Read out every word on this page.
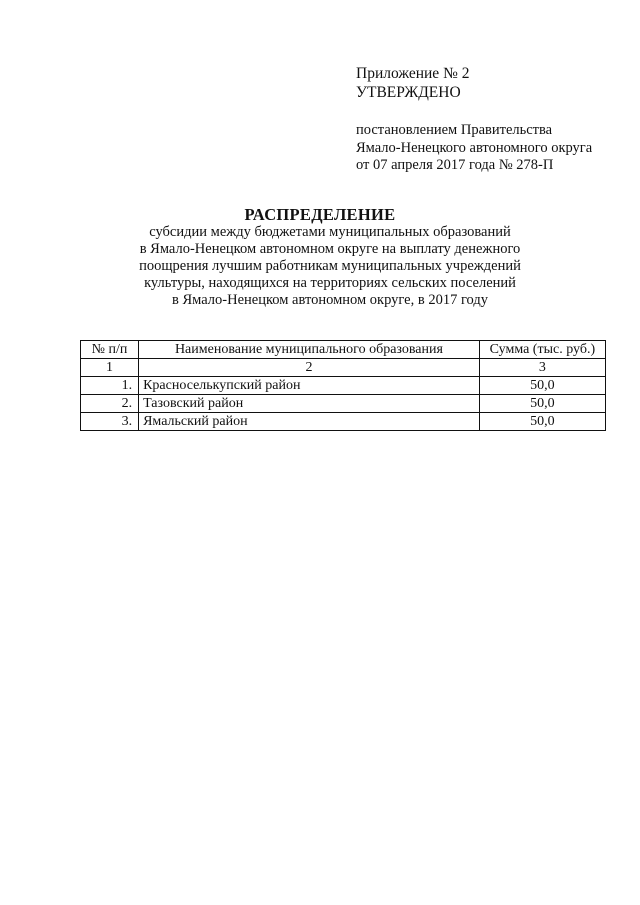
Приложение № 2
УТВЕРЖДЕНО
постановлением Правительства
Ямало-Ненецкого автономного округа
от 07 апреля 2017 года № 278-П
РАСПРЕДЕЛЕНИЕ
субсидии между бюджетами муниципальных образований
в Ямало-Ненецком автономном округе на выплату денежного
поощрения лучшим работникам муниципальных учреждений
культуры, находящихся на территориях сельских поселений
в Ямало-Ненецком автономном округе, в 2017 году
№ п/п	Наименование муниципального образования	Сумма (тыс. руб.)
1	2	3
1.	Красноселькупский район	50,0
2.	Тазовский район	50,0
3.	Ямальский район	50,0
